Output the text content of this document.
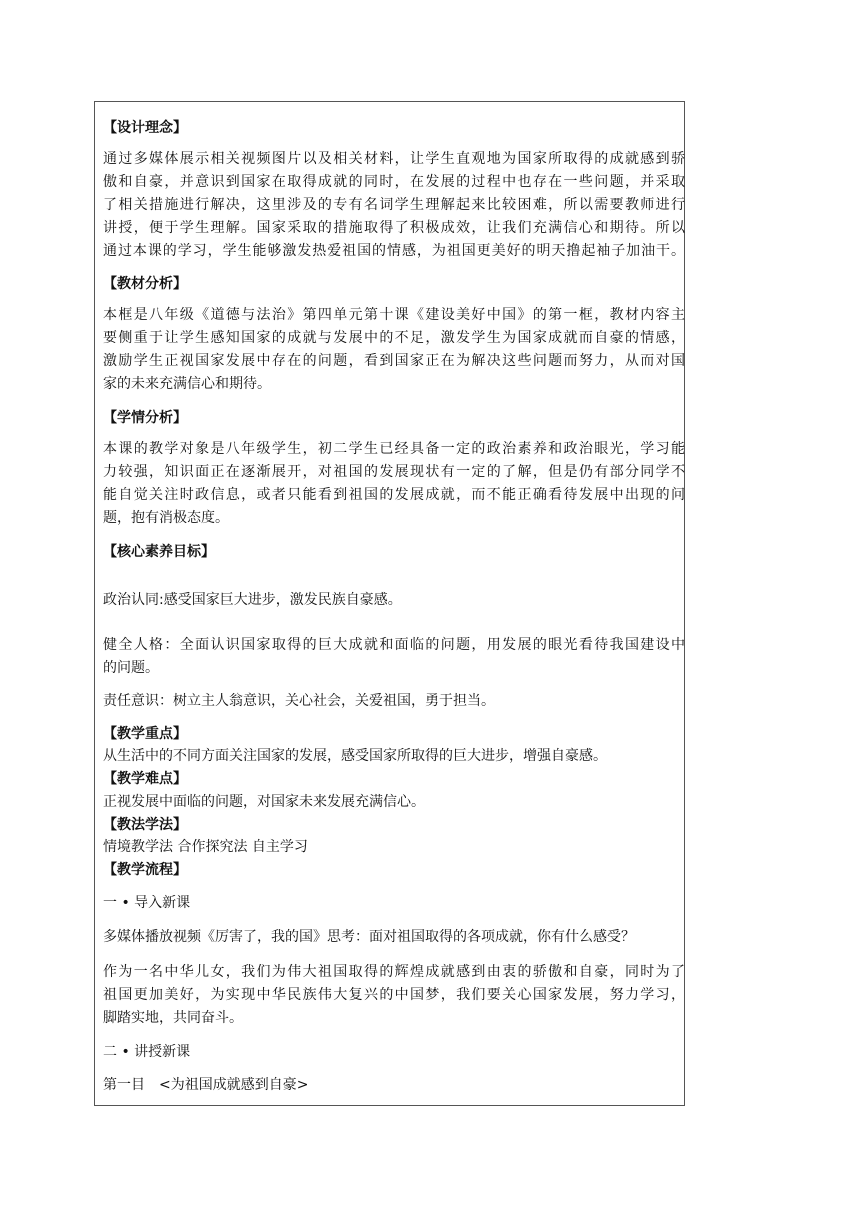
【设计理念】
通过多媒体展示相关视频图片以及相关材料，让学生直观地为国家所取得的成就感到骄
傲和自豪，并意识到国家在取得成就的同时，在发展的过程中也存在一些问题，并采取
了相关措施进行解决，这里涉及的专有名词学生理解起来比较困难，所以需要教师进行
讲授，便于学生理解。国家采取的措施取得了积极成效，让我们充满信心和期待。所以
通过本课的学习，学生能够激发热爱祖国的情感，为祖国更美好的明天撸起袖子加油干。
【教材分析】
本框是八年级《道德与法治》第四单元第十课《建设美好中国》的第一框，教材内容主
要侧重于让学生感知国家的成就与发展中的不足，激发学生为国家成就而自豪的情感，
激励学生正视国家发展中存在的问题，看到国家正在为解决这些问题而努力，从而对国
家的未来充满信心和期待。
【学情分析】
本课的教学对象是八年级学生，初二学生已经具备一定的政治素养和政治眼光，学习能
力较强，知识面正在逐渐展开，对祖国的发展现状有一定的了解，但是仍有部分同学不
能自觉关注时政信息，或者只能看到祖国的发展成就，而不能正确看待发展中出现的问
题，抱有消极态度。
【核心素养目标】
政治认同:感受国家巨大进步，激发民族自豪感。
健全人格：全面认识国家取得的巨大成就和面临的问题，用发展的眼光看待我国建设中
的问题。
责任意识：树立主人翁意识，关心社会，关爱祖国，勇于担当。
【教学重点】
从生活中的不同方面关注国家的发展，感受国家所取得的巨大进步，增强自豪感。
【教学难点】
正视发展中面临的问题，对国家未来发展充满信心。
【教法学法】
情境教学法 合作探究法 自主学习
【教学流程】
一 • 导入新课
多媒体播放视频《厉害了，我的国》思考：面对祖国取得的各项成就，你有什么感受？
作为一名中华儿女，我们为伟大祖国取得的辉煌成就感到由衷的骄傲和自豪，同时为了
祖国更加美好，为实现中华民族伟大复兴的中国梦，我们要关心国家发展，努力学习，
脚踏实地，共同奋斗。
二 • 讲授新课
第一目　<为祖国成就感到自豪>
